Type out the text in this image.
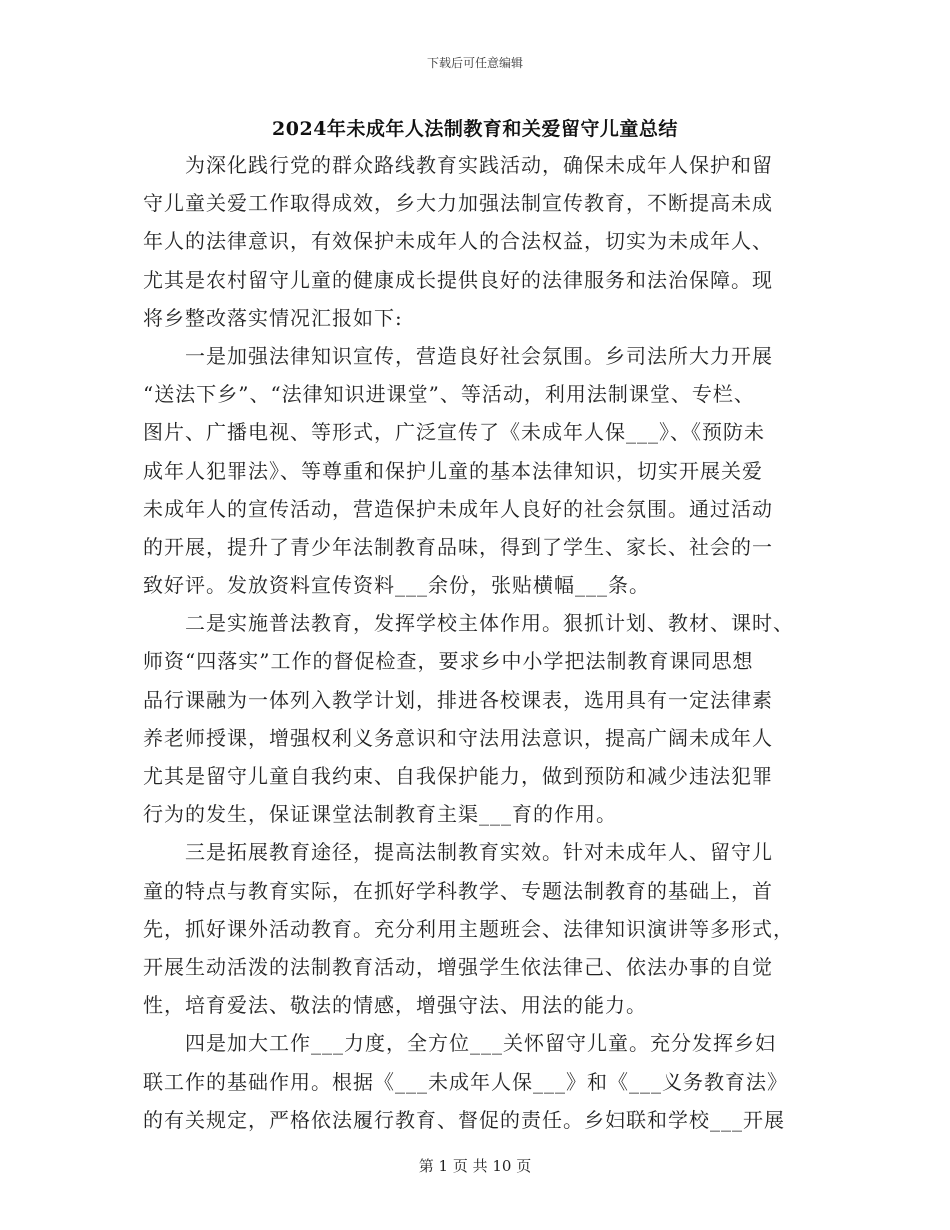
下载后可任意编辑
2024年未成年人法制教育和关爱留守儿童总结
为深化践行党的群众路线教育实践活动，确保未成年人保护和留
守儿童关爱工作取得成效，乡大力加强法制宣传教育，不断提高未成
年人的法律意识，有效保护未成年人的合法权益，切实为未成年人、
尤其是农村留守儿童的健康成长提供良好的法律服务和法治保障。现
将乡整改落实情况汇报如下:
一是加强法律知识宣传，营造良好社会氛围。乡司法所大力开展
“送法下乡”、“法律知识进课堂”、等活动，利用法制课堂、专栏、
图片、广播电视、等形式，广泛宣传了《未成年人保___》、《预防未
成年人犯罪法》、等尊重和保护儿童的基本法律知识，切实开展关爱
未成年人的宣传活动，营造保护未成年人良好的社会氛围。通过活动
的开展，提升了青少年法制教育品味，得到了学生、家长、社会的一
致好评。发放资料宣传资料___余份，张贴横幅___条。
二是实施普法教育，发挥学校主体作用。狠抓计划、教材、课时、
师资“四落实”工作的督促检查，要求乡中小学把法制教育课同思想
品行课融为一体列入教学计划，排进各校课表，选用具有一定法律素
养老师授课，增强权利义务意识和守法用法意识，提高广阔未成年人
尤其是留守儿童自我约束、自我保护能力，做到预防和减少违法犯罪
行为的发生，保证课堂法制教育主渠___育的作用。
三是拓展教育途径，提高法制教育实效。针对未成年人、留守儿
童的特点与教育实际，在抓好学科教学、专题法制教育的基础上，首
先，抓好课外活动教育。充分利用主题班会、法律知识演讲等多形式，
开展生动活泼的法制教育活动，增强学生依法律己、依法办事的自觉
性，培育爱法、敬法的情感，增强守法、用法的能力。
四是加大工作___力度，全方位___关怀留守儿童。充分发挥乡妇
联工作的基础作用。根据《___未成年人保___》和《___义务教育法》
的有关规定，严格依法履行教育、督促的责任。乡妇联和学校___开展
第 1 页 共 10 页
